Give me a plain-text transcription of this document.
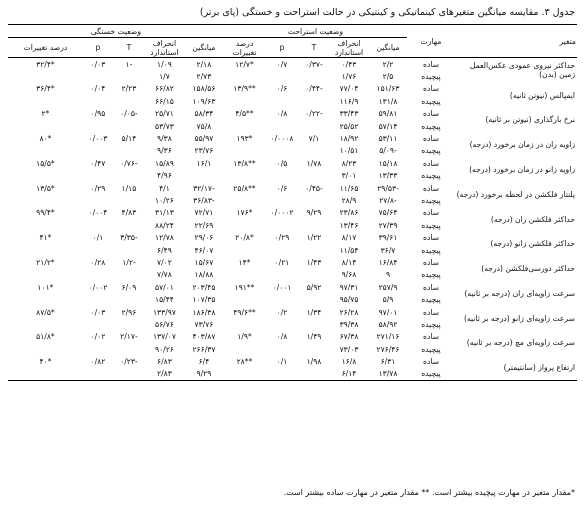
جدول ۳. مقایسه میانگین متغیرهای کینماتیکی و کینتیکی در حالت استراحت و خستگی (پای برتر)
متغیر	مهارت	وضعیت استراحت					وضعیت خستگی				
		میانگین	انحراف استاندارد	T	p	درصد تغییرات	میانگین	انحراف استاندارد	T	p	درصد تغییرات
حداکثر نیروی عمودی عکس‌العمل زمین (بدن)	ساده	۲/۲	۰/۴۳	-۰/۳۷	۰/۷	*۱۲/۷	۲/۱۸	۱/۰۹	-۱	۰/۰۳	*۳۲/۴
	پیچیده	۲/۵	۱/۷۶				۲/۷۳	۱/۷			
ایمپالس (نیوتن ثانیه)	ساده	۱۵۱/۶۳	۷۷/۰۴	-۰/۴۴	۰/۶	**۱۳/۹	۱۵۸/۵۶	۶۶/۸۲	۲/۲۳	۰/۰۴	*۳۶/۴
	پیچیده	۱۳۱/۸	۱۱۶/۹				۱۰۹/۶۳	۶۶/۱۵			
نرخ بارگذاری (نیوتن بر ثانیه)	ساده	۵۹/۸۱	۳۳/۴۳	-۰/۲۲	۰/۸	**۴/۵	۵۸/۳۴	۲۵/۷۱	-۰/۰۵	۰/۹۵	*۲
	پیچیده	۵۷/۱۴	۲۵/۵۲				۷۵/۸	۵۳/۷۳			
زاویه ران در زمان برخورد (درجه)	ساده	۵۳/۱۱	۱۸/۹۲	۷/۱	۰/۰۰۰۸	*۱۹۳	۵۵/۹۷	۹/۳۸	۵/۱۴	۰/۰۰۳	*۸۰
	پیچیده	-۵/۰۹	۱۰/۵۱				۲۳/۷۶	۹/۳۶			
زاویه زانو در زمان برخورد (درجه)	ساده	۱۵/۱۸	۸/۲۳	۱/۷۸	۰/۵	**۱۳/۸	۱۶/۱	۱۵/۸۹	-۰/۷۶	۰/۴۷	*۱۵/۵
	پیچیده	۱۳/۳۳	۳/۰۱					۴/۹۶			
پلنتار فلکشن در لحظه برخورد (درجه)	ساده	-۲۹/۵۳	۱۱/۶۵	-۰/۴۵	۰/۶	**۲۵/۸	-۳۲/۱۷	۴/۱	۱/۱۵	۰/۲۹	*۱۳/۵
	پیچیده	-۲۷/۸	۲۸/۹				-۳۶/۸۳	۱۰/۲۶			
حداکثر فلکشن ران (درجه)	ساده	۷۵/۶۴	۲۳/۸۶	۹/۲۹	۰/۰۰۰۲	*۱۷۶	۷۲/۷۱	۳۱/۱۳	۴/۸۳	۰/۰۰۴	*۹۹/۴
	پیچیده	۲۷/۳۹	۱۳/۴۶				۲۲/۶۹	۸۸/۲۴			
حداکثر فلکشن زانو (درجه)	ساده	۳۹/۶۱	۸/۱۷	۱/۲۲	۰/۲۹	*۲۰/۸	۲۹/۰۶	۱۲/۷۸	-۳/۳۵	۰/۱	*۴۱
	پیچیده	۳۶/۷	۱۱/۵۴				۴۶/۰۷	۶/۴۹			
حداکثر دورسی‌فلکشن (درجه)	ساده	۱۶/۸۴	۸/۱۴	۱/۴۳	۰/۲۱	*۱۴	۱۵/۶۷	۷/۰۲	-۱/۲	۰/۲۸	*۲۱/۲
	پیچیده	۹	۹/۶۸				۱۸/۸۸	۷/۷۸			
سرعت زاویه‌ای ران (درجه بر ثانیه)	ساده	۲۵۷/۹	۹۷/۳۱	۵/۹۲	۰/۰۰۱	**۱۹۱	۲۰۳/۴۵	۵۷/۰۱	۶/۰۹	۰/۰۰۲	*۱۰۱
	پیچیده	۵/۹	۹۵/۷۵				۱۰۷/۳۵	۱۵/۴۴			
سرعت زاویه‌ای زانو (درجه بر ثانیه)	ساده	۹۷/۰۱	۲۶/۲۸	۱/۳۴	۰/۲	**۴۹/۶	۱۸۶/۳۸	۱۳۳/۹۷	۲/۹۶	۰/۰۳	*۸۷/۵
	پیچیده	۵۸/۹۲	۳۹/۳۸				۷۳/۷۶	۵۶/۷۶			
سرعت زاویه‌ای مچ (درجه بر ثانیه)	ساده	۲۷۱/۱۶	۶۷/۳۸	۱/۴۹	۰/۸	*۱/۹	۴۰۳/۸۷	۱۳۷/۰۷	-۲/۱۷	۰/۰۲	*۵۱/۸
	پیچیده	۲۷۶/۴۶	۷۳/۰۳				۲۶۶/۳۷	۹۰/۲۶			
ارتفاع پرواز (سانتیمتر)	ساده	۶/۳۱	۱۶/۸	۱/۹۸	۰/۱	**۲۸	۶/۴	۶/۸۳	-۰/۲۳	۰/۸۲	*۴۰
	پیچیده	۱۳/۷۸	۶/۱۴				۹/۲۹	۲/۸۳			
*مقدار متغیر در مهارت پیچیده بیشتر است. ** مقدار متغیر در مهارت ساده بیشتر است.
